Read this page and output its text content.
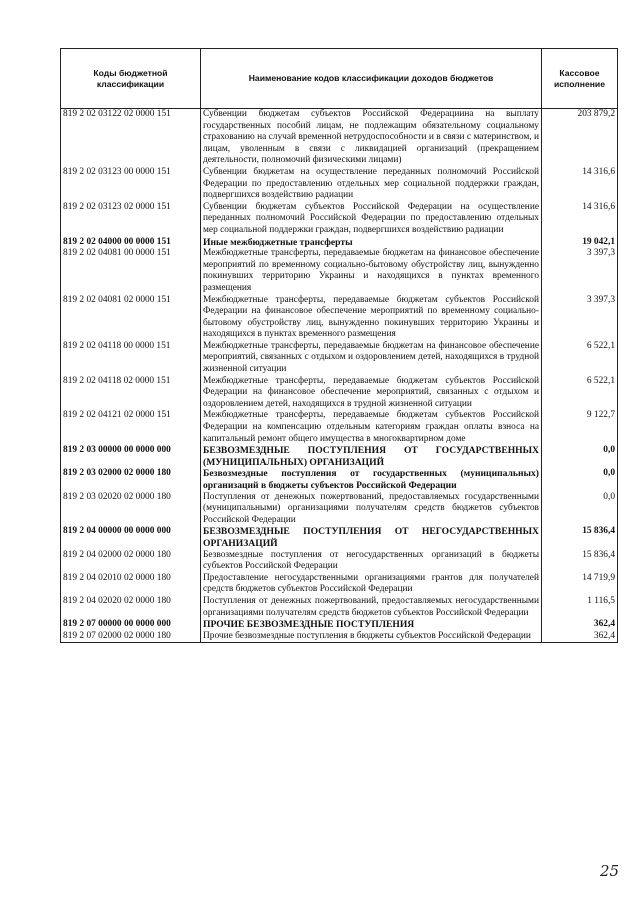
Коды бюджетной классификации	Наименование кодов классификации доходов бюджетов	Кассовое исполнение
819 2 02 03122 02 0000 151	Субвенции бюджетам субъектов Российской Федерациина на выплату государственных пособий лицам, не подлежащим обязательному социальному страхованию на случай временной нетрудоспособности и в связи с материнством, и лицам, уволенным в связи с ликвидацией организаций (прекращением деятельности, полномочий физическими лицами)	203 879,2
819 2 02 03123 00 0000 151	Субвенции бюджетам на осуществление переданных полномочий Российской Федерации по предоставлению отдельных мер социальной поддержки граждан, подвергшихся воздействию радиации	14 316,6
819 2 02 03123 02 0000 151	Субвенции бюджетам субъектов Российской Федерации на осуществление переданных полномочий Российской Федерации по предоставлению отдельных мер социальной поддержки граждан, подвергшихся воздействию радиации	14 316,6
819 2 02 04000 00 0000 151	Иные межбюджетные трансферты	19 042,1
819 2 02 04081 00 0000 151	Межбюджетные трансферты, передаваемые бюджетам на финансовое обеспечение мероприятий по временному социально-бытовому обустройству лиц, вынужденно покинувших территорию Украины и находящихся в пунктах временного размещения	3 397,3
819 2 02 04081 02 0000 151	Межбюджетные трансферты, передаваемые бюджетам субъектов Российской Федерации на финансовое обеспечение мероприятий по временному социально-бытовому обустройству лиц, вынужденно покинувших территорию Украины и находящихся в пунктах временного размещения	3 397,3
819 2 02 04118 00 0000 151	Межбюджетные трансферты, передаваемые бюджетам на финансовое обеспечение мероприятий, связанных с отдыхом и оздоровлением детей, находящихся в трудной жизненной ситуации	6 522,1
819 2 02 04118 02 0000 151	Межбюджетные трансферты, передаваемые бюджетам субъектов Российской Федерации на финансовое обеспечение мероприятий, связанных с отдыхом и оздоровлением детей, находящихся в трудной жизненной ситуации	6 522,1
819 2 02 04121 02 0000 151	Межбюджетные трансферты, передаваемые бюджетам субъектов Российской Федерации на компенсацию отдельным категориям граждан оплаты взноса на капитальный ремонт общего имущества в многоквартирном доме	9 122,7
819 2 03 00000 00 0000 000	БЕЗВОЗМЕЗДНЫЕ ПОСТУПЛЕНИЯ ОТ ГОСУДАРСТВЕННЫХ (МУНИЦИПАЛЬНЫХ) ОРГАНИЗАЦИЙ	0,0
819 2 03 02000 02 0000 180	Безвозмездные поступления от государственных (муниципальных) организаций в бюджеты субъектов Российской Федерации	0,0
819 2 03 02020 02 0000 180	Поступления от денежных пожертвований, предоставляемых государственными (муниципальными) организациями получателям средств бюджетов субъектов Российской Федерации	0,0
819 2 04 00000 00 0000 000	БЕЗВОЗМЕЗДНЫЕ ПОСТУПЛЕНИЯ ОТ НЕГОСУДАРСТВЕННЫХ ОРГАНИЗАЦИЙ	15 836,4
819 2 04 02000 02 0000 180	Безвозмездные поступления от негосударственных организаций в бюджеты субъектов Российской Федерации	15 836,4
819 2 04 02010 02 0000 180	Предоставление негосударственными организациями грантов для получателей средств бюджетов субъектов Российской Федерации	14 719,9
819 2 04 02020 02 0000 180	Поступления от денежных пожертвований, предоставляемых негосударственными организациями получателям средств бюджетов субъектов Российской Федерации	1 116,5
819 2 07 00000 00 0000 000	ПРОЧИЕ БЕЗВОЗМЕЗДНЫЕ ПОСТУПЛЕНИЯ	362,4
819 2 07 02000 02 0000 180	Прочие безвозмездные поступления в бюджеты субъектов Российской Федерации	362,4
25
